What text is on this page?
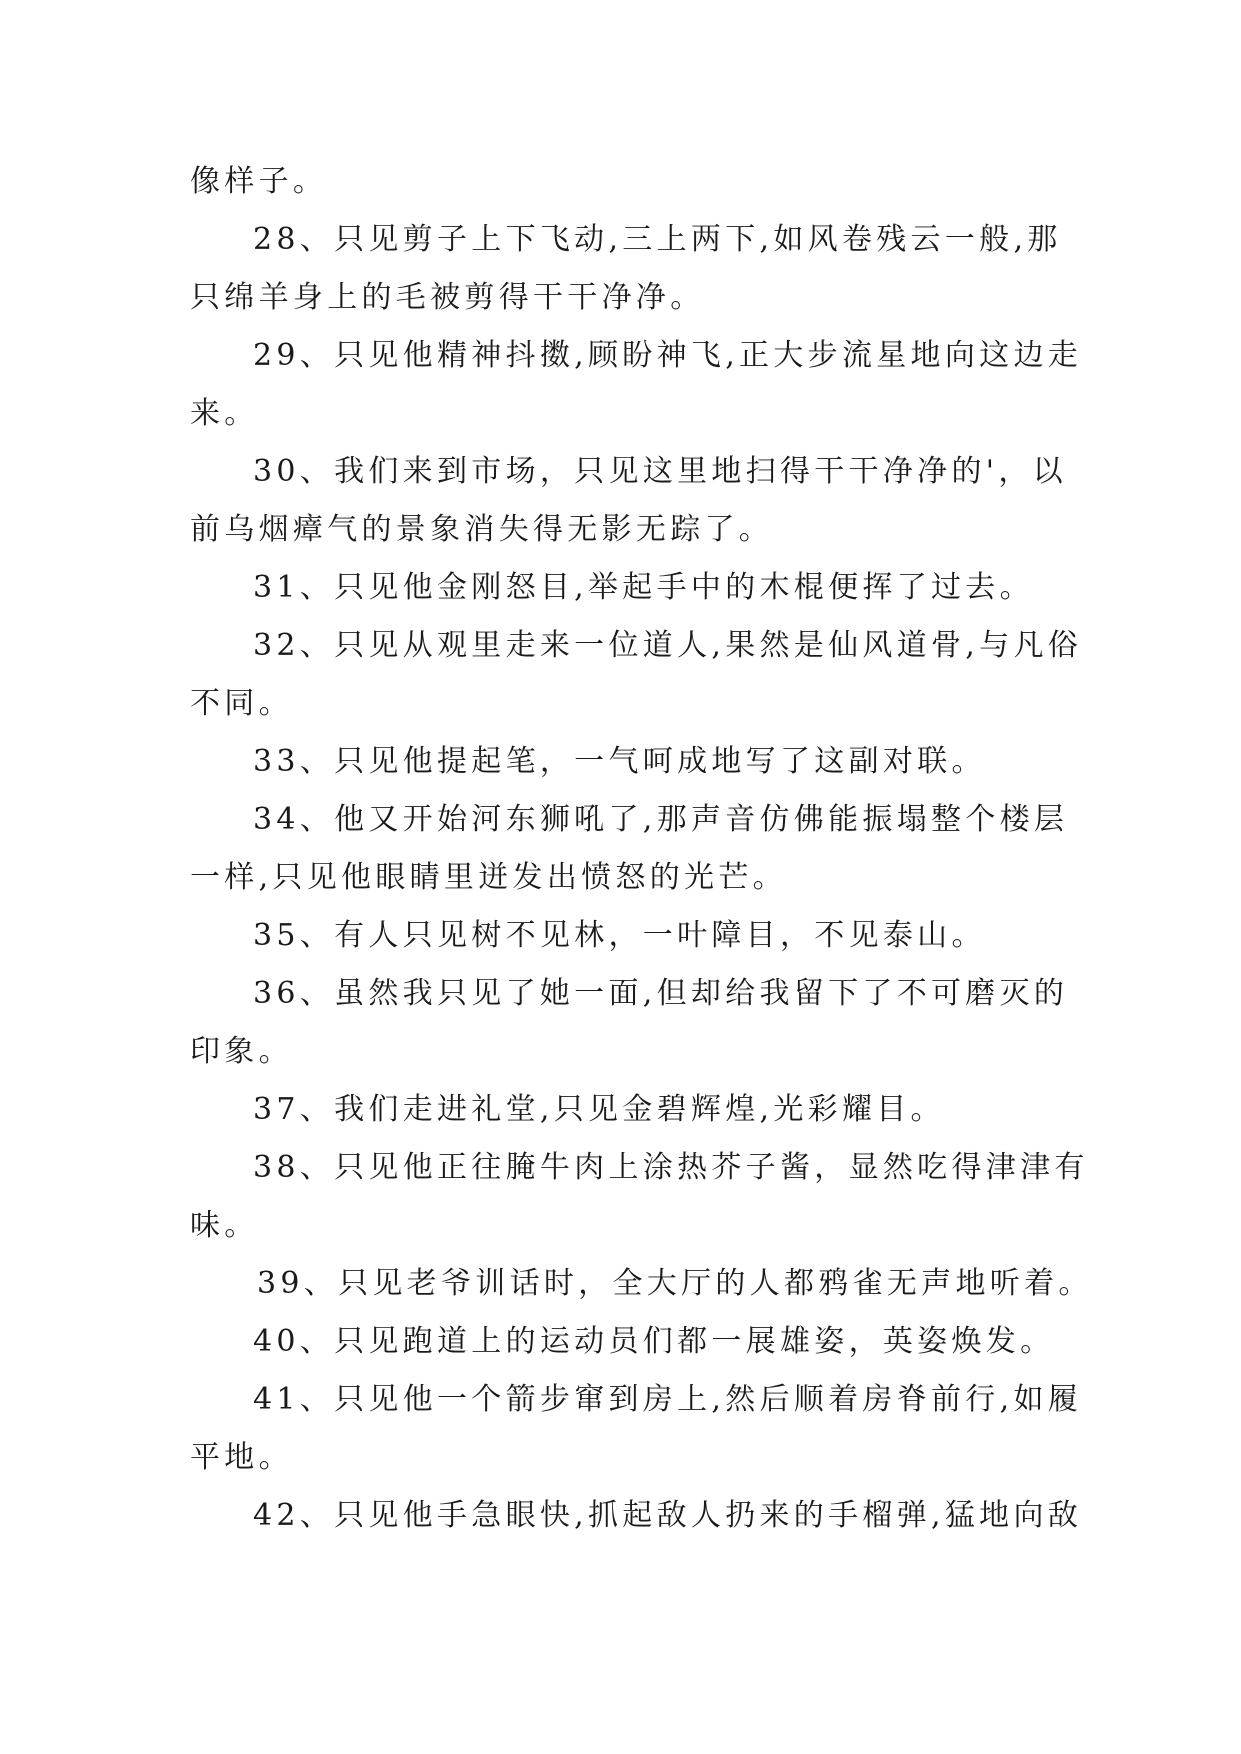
像样子。
28、只见剪子上下飞动,三上两下,如风卷残云一般,那
只绵羊身上的毛被剪得干干净净。
29、只见他精神抖擞,顾盼神飞,正大步流星地向这边走
来。
30、我们来到市场，只见这里地扫得干干净净的'，以
前乌烟瘴气的景象消失得无影无踪了。
31、只见他金刚怒目,举起手中的木棍便挥了过去。
32、只见从观里走来一位道人,果然是仙风道骨,与凡俗
不同。
33、只见他提起笔，一气呵成地写了这副对联。
34、他又开始河东狮吼了,那声音仿佛能振塌整个楼层
一样,只见他眼睛里迸发出愤怒的光芒。
35、有人只见树不见林，一叶障目，不见泰山。
36、虽然我只见了她一面,但却给我留下了不可磨灭的
印象。
37、我们走进礼堂,只见金碧辉煌,光彩耀目。
38、只见他正往腌牛肉上涂热芥子酱，显然吃得津津有
味。
39、只见老爷训话时，全大厅的人都鸦雀无声地听着。
40、只见跑道上的运动员们都一展雄姿，英姿焕发。
41、只见他一个箭步窜到房上,然后顺着房脊前行,如履
平地。
42、只见他手急眼快,抓起敌人扔来的手榴弹,猛地向敌
